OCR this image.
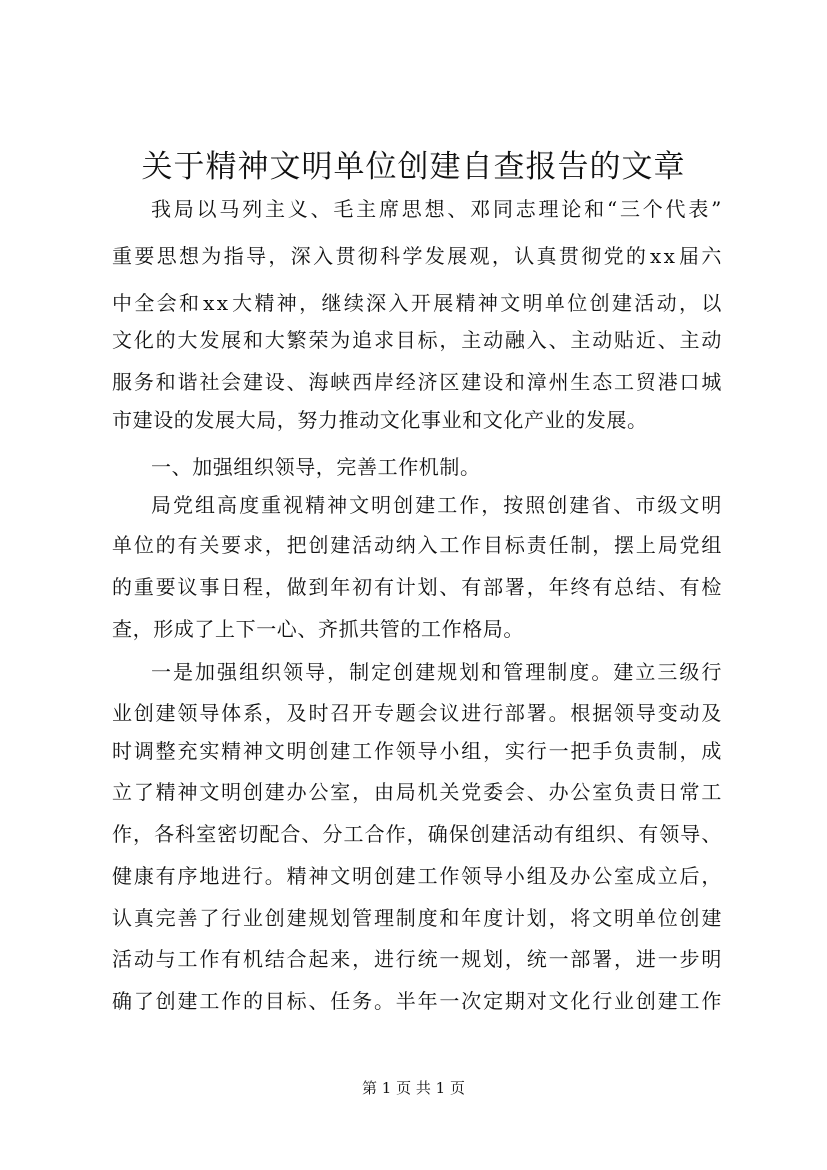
关于精神文明单位创建自查报告的文章
我 局 以 马 列 主 义 、 毛 主 席 思 想 、 邓 同 志 理 论 和 “ 三 个 代 表 ”
重 要 思 想 为 指 导 ， 深 入 贯 彻 科 学 发 展 观 ， 认 真 贯 彻 党 的 x x 届 六
中 全 会 和 x x 大 精 神 ， 继 续 深 入 开 展 精 神 文 明 单 位 创 建 活 动 ， 以
文 化 的 大 发 展 和 大 繁 荣 为 追 求 目 标 ， 主 动 融 入 、 主 动 贴 近 、 主 动
服 务 和 谐 社 会 建 设 、 海 峡 西 岸 经 济 区 建 设 和 漳 州 生 态 工 贸 港 口 城
市建设的发展大局，努力推动文化事业和文化产业的发展。
一、加强组织领导，完善工作机制。
局 党 组 高 度 重 视 精 神 文 明 创 建 工 作 ， 按 照 创 建 省 、 市 级 文 明
单 位 的 有 关 要 求 ， 把 创 建 活 动 纳 入 工 作 目 标 责 任 制 ， 摆 上 局 党 组
的 重 要 议 事 日 程 ， 做 到 年 初 有 计 划 、 有 部 署 ， 年 终 有 总 结 、 有 检
查，形成了上下一心、齐抓共管的工作格局。
一 是 加 强 组 织 领 导 ， 制 定 创 建 规 划 和 管 理 制 度 。 建 立 三 级 行
业 创 建 领 导 体 系 ， 及 时 召 开 专 题 会 议 进 行 部 署 。 根 据 领 导 变 动 及
时 调 整 充 实 精 神 文 明 创 建 工 作 领 导 小 组 ， 实 行 一 把 手 负 责 制 ， 成
立 了 精 神 文 明 创 建 办 公 室 ， 由 局 机 关 党 委 会 、 办 公 室 负 责 日 常 工
作 ， 各 科 室 密 切 配 合 、 分 工 合 作 ， 确 保 创 建 活 动 有 组 织 、 有 领 导 、
健 康 有 序 地 进 行 。 精 神 文 明 创 建 工 作 领 导 小 组 及 办 公 室 成 立 后 ，
认 真 完 善 了 行 业 创 建 规 划 管 理 制 度 和 年 度 计 划 ， 将 文 明 单 位 创 建
活 动 与 工 作 有 机 结 合 起 来 ， 进 行 统 一 规 划 ， 统 一 部 署 ， 进 一 步 明
确 了 创 建 工 作 的 目 标 、 任 务 。 半 年 一 次 定 期 对 文 化 行 业 创 建 工 作
第 1 页 共 1 页
